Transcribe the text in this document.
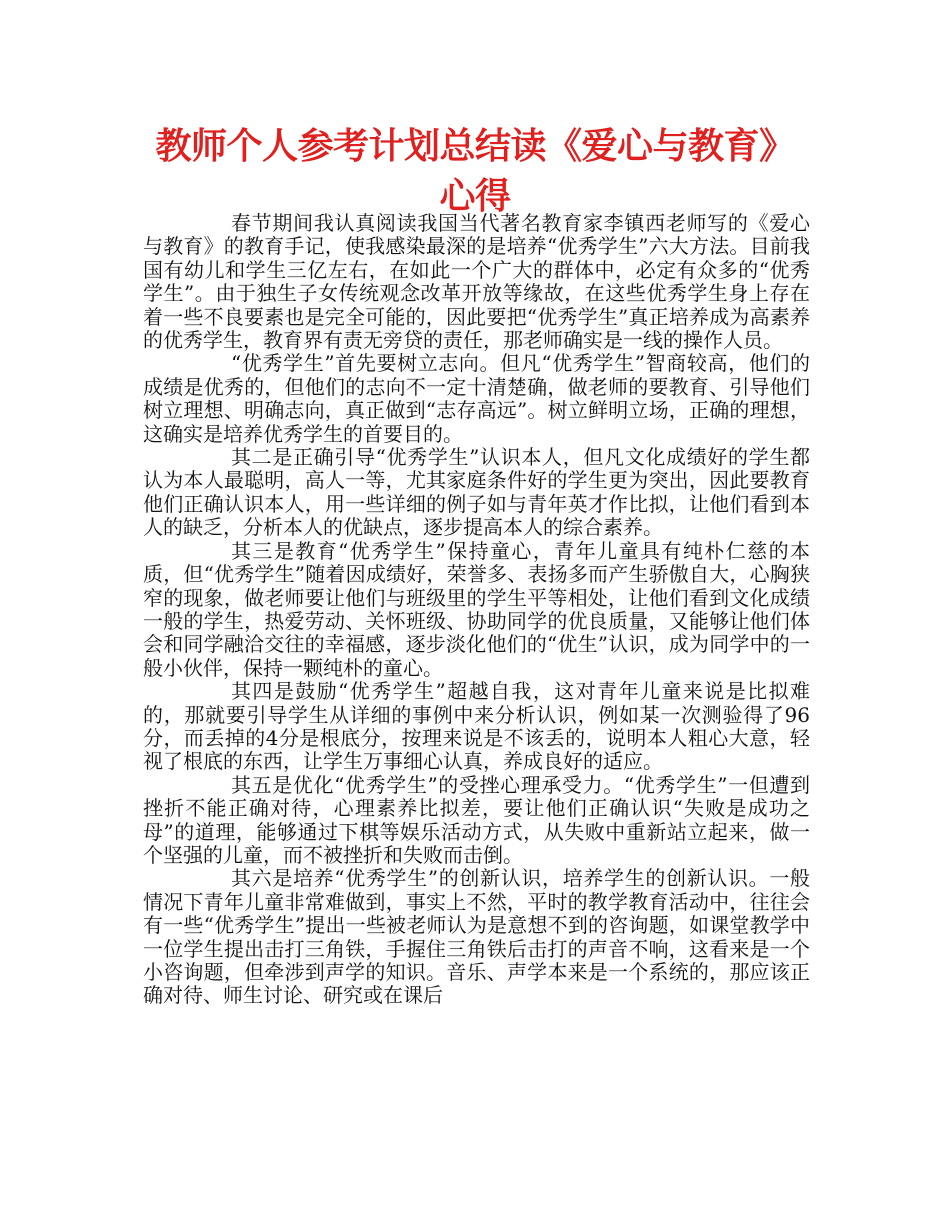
教师个人参考计划总结读《爱心与教育》心得

春节期间我认真阅读我国当代著名教育家李镇西老师写的《爱心与教育》的教育手记，使我感染最深的是培养“优秀学生”六大方法。目前我国有幼儿和学生三亿左右，在如此一个广大的群体中，必定有众多的“优秀学生”。由于独生子女传统观念改革开放等缘故，在这些优秀学生身上存在着一些不良要素也是完全可能的，因此要把“优秀学生”真正培养成为高素养的优秀学生，教育界有责无旁贷的责任，那老师确实是一线的操作人员。

“优秀学生”首先要树立志向。但凡“优秀学生”智商较高，他们的成绩是优秀的，但他们的志向不一定十清楚确，做老师的要教育、引导他们树立理想、明确志向，真正做到“志存高远”。树立鲜明立场，正确的理想，这确实是培养优秀学生的首要目的。

其二是正确引导“优秀学生”认识本人，但凡文化成绩好的学生都认为本人最聪明，高人一等，尤其家庭条件好的学生更为突出，因此要教育他们正确认识本人，用一些详细的例子如与青年英才作比拟，让他们看到本人的缺乏，分析本人的优缺点，逐步提高本人的综合素养。

其三是教育“优秀学生”保持童心，青年儿童具有纯朴仁慈的本质，但“优秀学生”随着因成绩好，荣誉多、表扬多而产生骄傲自大，心胸狭窄的现象，做老师要让他们与班级里的学生平等相处，让他们看到文化成绩一般的学生，热爱劳动、关怀班级、协助同学的优良质量，又能够让他们体会和同学融洽交往的幸福感，逐步淡化他们的“优生”认识，成为同学中的一般小伙伴，保持一颗纯朴的童心。

其四是鼓励“优秀学生”超越自我，这对青年儿童来说是比拟难的，那就要引导学生从详细的事例中来分析认识，例如某一次测验得了96分，而丢掉的4分是根底分，按理来说是不该丢的，说明本人粗心大意，轻视了根底的东西，让学生万事细心认真，养成良好的适应。

其五是优化“优秀学生”的受挫心理承受力。“优秀学生”一但遭到挫折不能正确对待，心理素养比拟差，要让他们正确认识“失败是成功之母”的道理，能够通过下棋等娱乐活动方式，从失败中重新站立起来，做一个坚强的儿童，而不被挫折和失败而击倒。

其六是培养“优秀学生”的创新认识，培养学生的创新认识。一般情况下青年儿童非常难做到，事实上不然，平时的教学教育活动中，往往会有一些“优秀学生”提出一些被老师认为是意想不到的咨询题，如课堂教学中一位学生提出击打三角铁，手握住三角铁后击打的声音不响，这看来是一个小咨询题，但牵涉到声学的知识。音乐、声学本来是一个系统的，那应该正确对待、师生讨论、研究或在课后
